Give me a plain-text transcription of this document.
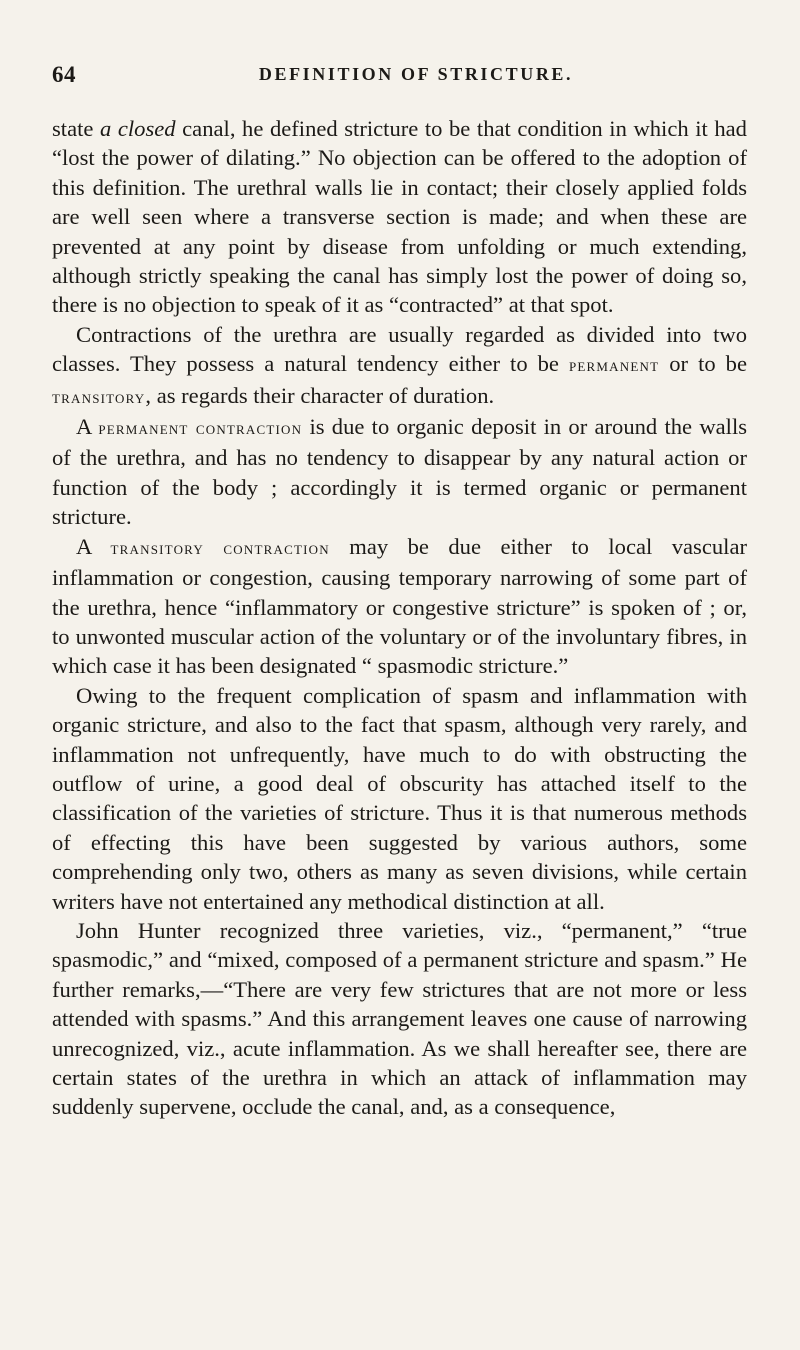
64	DEFINITION OF STRICTURE.

state a closed canal, he defined stricture to be that condition in which it had “lost the power of dilating.” No objection can be offered to the adoption of this definition. The urethral walls lie in contact; their closely applied folds are well seen where a transverse section is made; and when these are prevented at any point by disease from unfolding or much extending, although strictly speaking the canal has simply lost the power of doing so, there is no objection to speak of it as “contracted” at that spot.

Contractions of the urethra are usually regarded as divided into two classes. They possess a natural tendency either to be permanent or to be transitory, as regards their character of duration.

A permanent contraction is due to organic deposit in or around the walls of the urethra, and has no tendency to disappear by any natural action or function of the body ; accordingly it is termed organic or permanent stricture.

A transitory contraction may be due either to local vascular inflammation or congestion, causing temporary narrowing of some part of the urethra, hence “inflammatory or congestive stricture” is spoken of ; or, to unwonted muscular action of the voluntary or of the involuntary fibres, in which case it has been designated “ spasmodic stricture.”

Owing to the frequent complication of spasm and inflammation with organic stricture, and also to the fact that spasm, although very rarely, and inflammation not unfrequently, have much to do with obstructing the outflow of urine, a good deal of obscurity has attached itself to the classification of the varieties of stricture. Thus it is that numerous methods of effecting this have been suggested by various authors, some comprehending only two, others as many as seven divisions, while certain writers have not entertained any methodical distinction at all.

John Hunter recognized three varieties, viz., “permanent,” “true spasmodic,” and “mixed, composed of a permanent stricture and spasm.” He further remarks,—“There are very few strictures that are not more or less attended with spasms.” And this arrangement leaves one cause of narrowing unrecognized, viz., acute inflammation. As we shall hereafter see, there are certain states of the urethra in which an attack of inflammation may suddenly supervene, occlude the canal, and, as a consequence,
